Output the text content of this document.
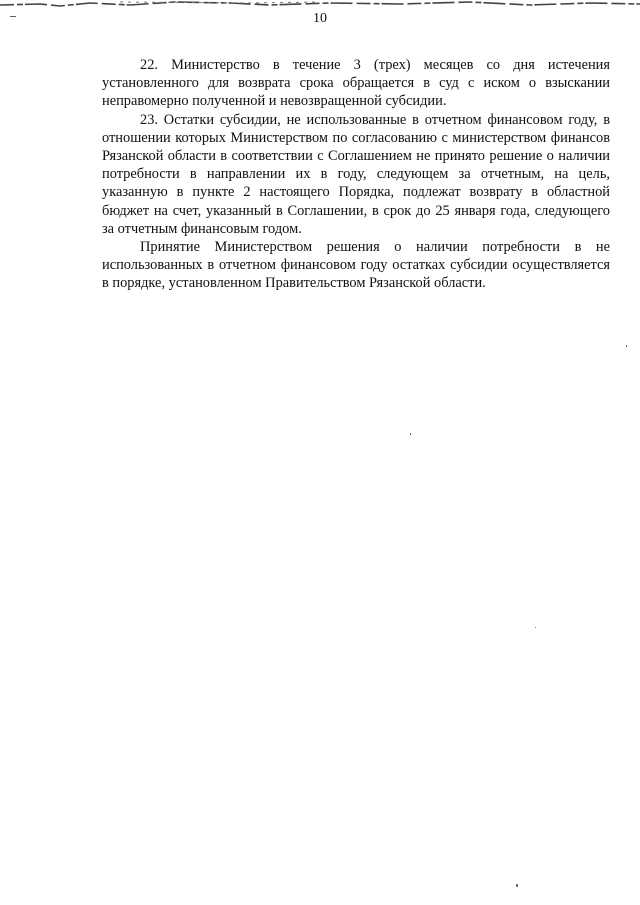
10

22. Министерство в течение 3 (трех) месяцев со дня истечения установленного для возврата срока обращается в суд с иском о взыскании неправомерно полученной и невозвращенной субсидии.

23. Остатки субсидии, не использованные в отчетном финансовом году, в отношении которых Министерством по согласованию с министерством финансов Рязанской области в соответствии с Соглашением не принято решение о наличии потребности в направлении их в году, следующем за отчетным, на цель, указанную в пункте 2 настоящего Порядка, подлежат возврату в областной бюджет на счет, указанный в Соглашении, в срок до 25 января года, следующего за отчетным финансовым годом.

Принятие Министерством решения о наличии потребности в не использованных в отчетном финансовом году остатках субсидии осуществляется в порядке, установленном Правительством Рязанской области.
